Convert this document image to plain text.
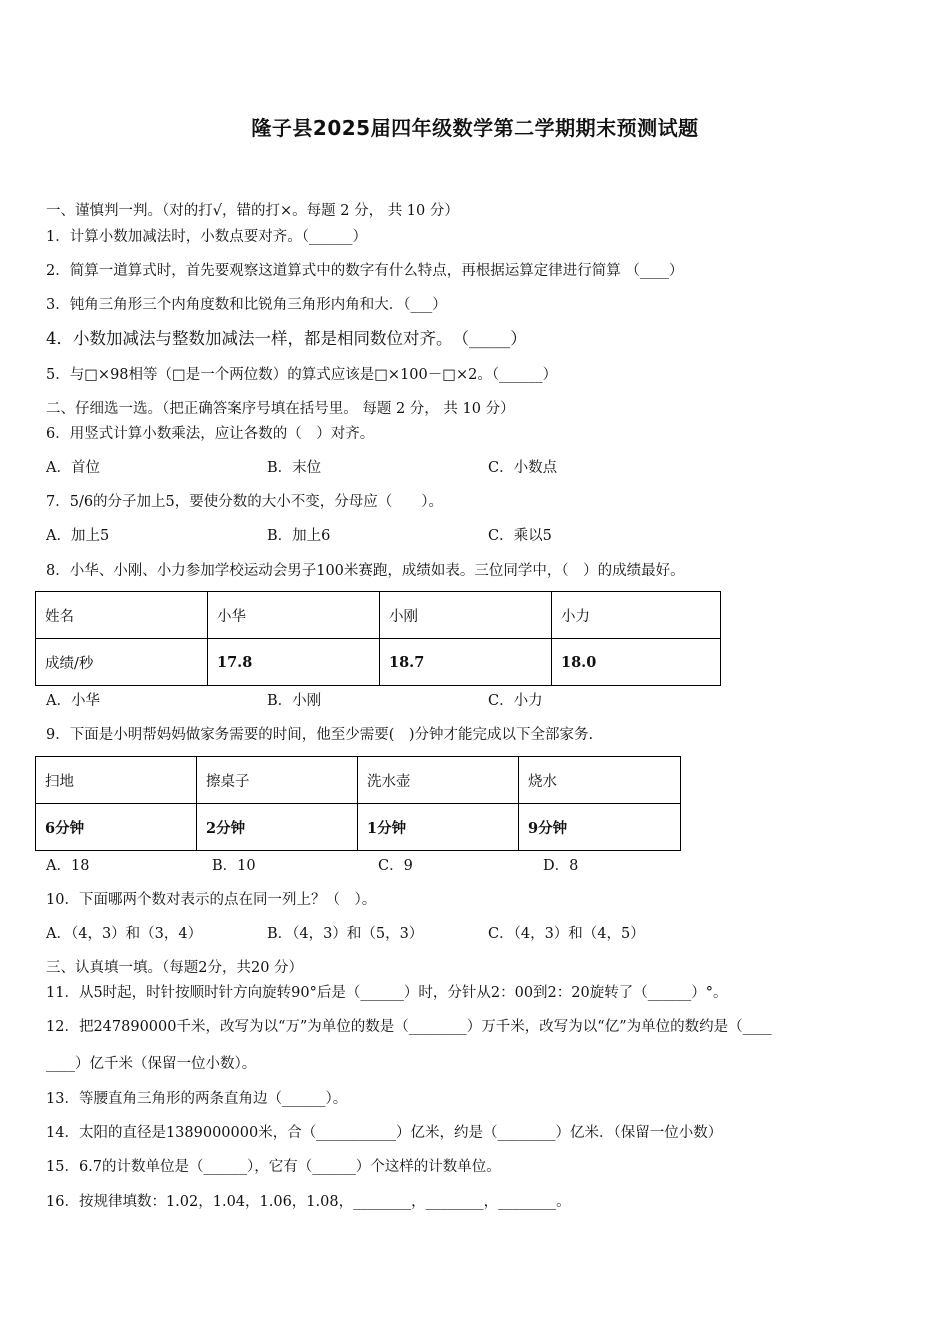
隆子县2025届四年级数学第二学期期末预测试题
一、谨慎判一判。（对的打√，错的打×。每题 2 分， 共 10 分）
1．计算小数加减法时，小数点要对齐。（______）
2．简算一道算式时，首先要观察这道算式中的数字有什么特点，再根据运算定律进行简算 （____）
3．钝角三角形三个内角度数和比锐角三角形内角和大．（___）
4．小数加减法与整数加减法一样，都是相同数位对齐。　（_____）
5．与□×98相等（□是一个两位数）的算式应该是□×100－□×2。（______）
二、仔细选一选。（把正确答案序号填在括号里。 每题 2 分， 共 10 分）
6．用竖式计算小数乘法，应让各数的（　）对齐。
A．首位	B．末位	C．小数点
7．5/6的分子加上5，要使分数的大小不变，分母应（　　）。
A．加上5	B．加上6	C．乘以5
8．小华、小刚、小力参加学校运动会男子100米赛跑，成绩如表。三位同学中，（　）的成绩最好。
姓名	小华	小刚	小力
成绩/秒	17.8	18.7	18.0
A．小华	B．小刚	C．小力
9．下面是小明帮妈妈做家务需要的时间，他至少需要(　)分钟才能完成以下全部家务.
扫地	擦桌子	洗水壶	烧水
6分钟	2分钟	1分钟	9分钟
A．18	B．10	C．9	D．8
10．下面哪两个数对表示的点在同一列上？（　）。
A．（4，3）和（3，4）	B．（4，3）和（5，3）	C．（4，3）和（4，5）
三、认真填一填。（每题2分，共20 分）
11．从5时起，时针按顺时针方向旋转90°后是（______）时，分针从2：00到2：20旋转了（______）°。
12．把247890000千米，改写为以“万”为单位的数是（________）万千米，改写为以“亿”为单位的数约是（____
____）亿千米（保留一位小数）。
13．等腰直角三角形的两条直角边（______）。
14．太阳的直径是1389000000米，合（___________）亿米，约是（________）亿米．（保留一位小数）
15．6.7的计数单位是（______），它有（______）个这样的计数单位。
16．按规律填数：1.02，1.04，1.06，1.08，________，________，________。
